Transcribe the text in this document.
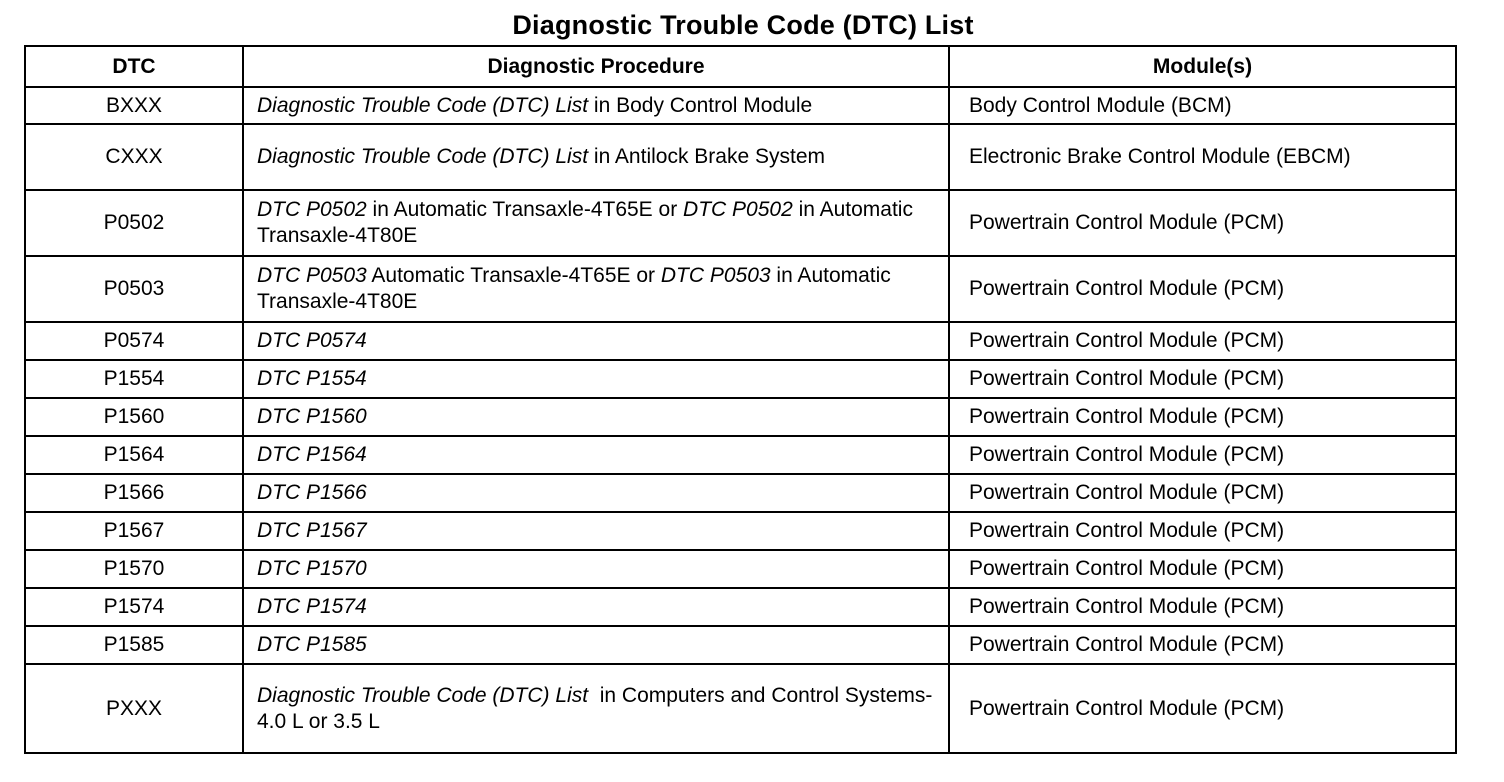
Diagnostic Trouble Code (DTC) List
DTC	Diagnostic Procedure	Module(s)
BXXX	Diagnostic Trouble Code (DTC) List in Body Control Module	Body Control Module (BCM)
CXXX	Diagnostic Trouble Code (DTC) List in Antilock Brake System	Electronic Brake Control Module (EBCM)
P0502	DTC P0502 in Automatic Transaxle-4T65E or DTC P0502 in Automatic Transaxle-4T80E	Powertrain Control Module (PCM)
P0503	DTC P0503 Automatic Transaxle-4T65E or DTC P0503 in Automatic Transaxle-4T80E	Powertrain Control Module (PCM)
P0574	DTC P0574	Powertrain Control Module (PCM)
P1554	DTC P1554	Powertrain Control Module (PCM)
P1560	DTC P1560	Powertrain Control Module (PCM)
P1564	DTC P1564	Powertrain Control Module (PCM)
P1566	DTC P1566	Powertrain Control Module (PCM)
P1567	DTC P1567	Powertrain Control Module (PCM)
P1570	DTC P1570	Powertrain Control Module (PCM)
P1574	DTC P1574	Powertrain Control Module (PCM)
P1585	DTC P1585	Powertrain Control Module (PCM)
PXXX	Diagnostic Trouble Code (DTC) List  in Computers and Control Systems-4.0 L or 3.5 L	Powertrain Control Module (PCM)
